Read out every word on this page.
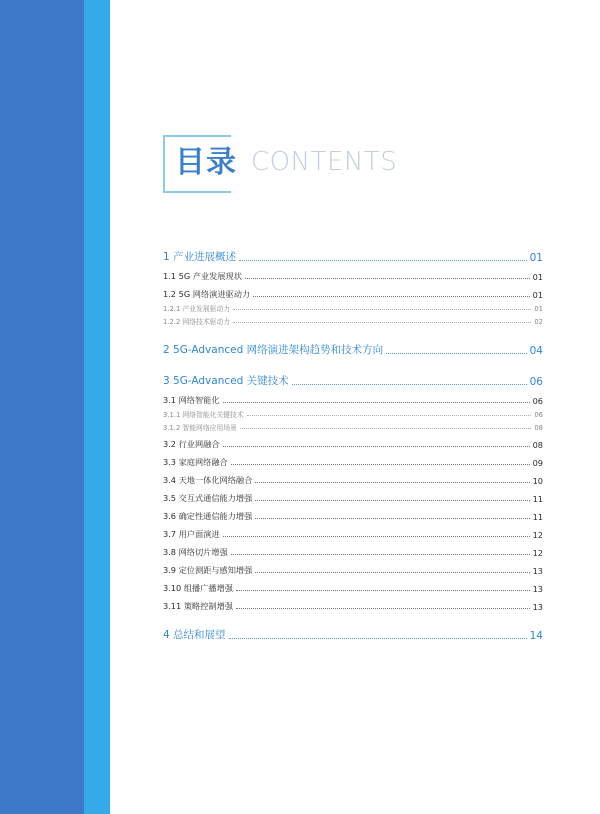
目录 CONTENTS
1 产业进展概述	01
1.1 5G 产业发展现状	01
1.2 5G 网络演进驱动力	01
1.2.1 产业发展驱动力	01
1.2.2 网络技术驱动力	02
2 5G-Advanced 网络演进架构趋势和技术方向	04
3 5G-Advanced 关键技术	06
3.1 网络智能化	06
3.1.1 网络智能化关键技术	06
3.1.2 智能网络应用场景	08
3.2 行业网融合	08
3.3 家庭网络融合	09
3.4 天地一体化网络融合	10
3.5 交互式通信能力增强	11
3.6 确定性通信能力增强	11
3.7 用户面演进	12
3.8 网络切片增强	12
3.9 定位测距与感知增强	13
3.10 组播广播增强	13
3.11 策略控制增强	13
4 总结和展望	14
